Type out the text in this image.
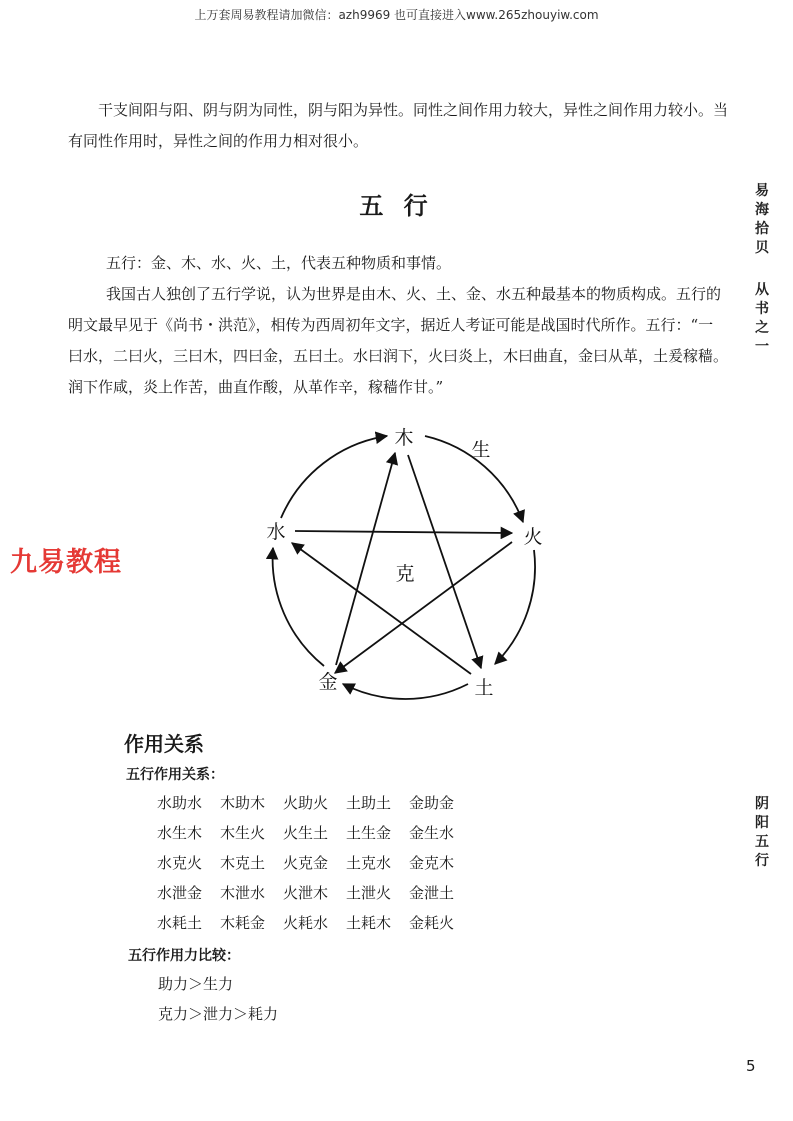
上万套周易教程请加微信：azh9969 也可直接进入www.265zhouyiw.com
干支间阳与阳、阴与阴为同性，阴与阳为异性。同性之间作用力较大，异性之间作用力较小。当有同性作用时，异性之间的作用力相对很小。
五 行
五行：金、木、水、火、土，代表五种物质和事情。
我国古人独创了五行学说，认为世界是由木、火、土、金、水五种最基本的物质构成。五行的明文最早见于《尚书・洪范》，相传为西周初年文字，据近人考证可能是战国时代所作。五行：“一曰水，二曰火，三曰木，四曰金，五曰土。水曰润下，火曰炎上，木曰曲直，金曰从革，土爰稼穑。润下作咸，炎上作苦，曲直作酸，从革作辛，稼穑作甘。”
易
海
拾
贝
从
书
之
一
阴
阳
五
行
九易教程
木
火
土
金
水
生
克
作用关系
五行作用关系：
水助水 木助木 火助火 土助土 金助金
水生木 木生火 火生土 土生金 金生水
水克火 木克土 火克金 土克水 金克木
水泄金 木泄水 火泄木 土泄火 金泄土
水耗土 木耗金 火耗水 土耗木 金耗火
五行作用力比较：
助力＞生力
克力＞泄力＞耗力
5
